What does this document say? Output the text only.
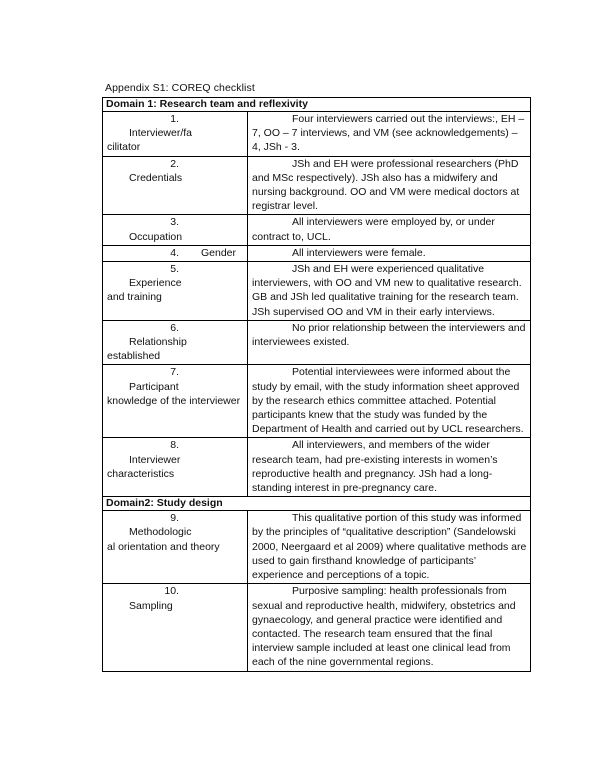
Appendix S1: COREQ checklist
Domain 1: Research team and reflexivity	

1.Interviewer/fa
cilitator	Four interviewers carried out the interviews:, EH – 7, OO – 7 interviews, and VM (see acknowledgements) – 4, JSh - 3.

2.Credentials	JSh and EH were professional researchers (PhD and MSc respectively). JSh also has a midwifery and nursing background. OO and VM were medical doctors at registrar level.

3.Occupation	All interviewers were employed by, or under contract to, UCL.

4. Gender	All interviewers were female.

5.Experience
and training	JSh and EH were experienced qualitative interviewers, with OO and VM new to qualitative research. GB and JSh led qualitative training for the research team. JSh supervised OO and VM in their early interviews.

6.Relationship
established	No prior relationship between the interviewers and interviewees existed.

7.Participant
knowledge of the interviewer	Potential interviewees were informed about the study by email, with the study information sheet approved by the research ethics committee attached. Potential participants knew that the study was funded by the Department of Health and carried out by UCL researchers.

8.Interviewer
characteristics	All interviewers, and members of the wider research team, had pre-existing interests in women’s reproductive health and pregnancy. JSh had a long-standing interest in pre-pregnancy care.
Domain2: Study design	

9.Methodologic
al orientation and theory	This qualitative portion of this study was informed by the principles of “qualitative description” (Sandelowski 2000, Neergaard et al 2009) where qualitative methods are used to gain firsthand knowledge of participants’ experience and perceptions of a topic.

10.Sampling	Purposive sampling: health professionals from sexual and reproductive health, midwifery, obstetrics and gynaecology, and general practice were identified and contacted. The research team ensured that the final interview sample included at least one clinical lead from each of the nine governmental regions.
